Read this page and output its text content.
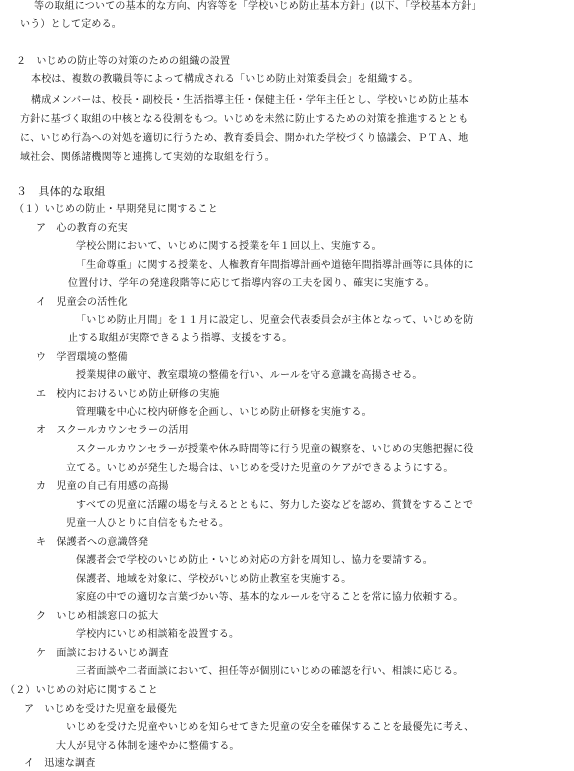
等の取組についての基本的な方向、内容等を「学校いじめ防止基本方針」(以下、「学校基本方針」
いう）として定める。
２　いじめの防止等の対策のための組織の設置
本校は、複数の教職員等によって構成される「いじめ防止対策委員会」を組織する。
構成メンバーは、校長・副校長・生活指導主任・保健主任・学年主任とし、学校いじめ防止基本
方針に基づく取組の中核となる役割をもつ。いじめを未然に防止するための対策を推進するととも
に、いじめ行為への対処を適切に行うため、教育委員会、開かれた学校づくり協議会、ＰＴＡ、地
域社会、関係諸機関等と連携して実効的な取組を行う。
３　具体的な取組
（１）いじめの防止・早期発見に関すること
ア　心の教育の充実
学校公開において、いじめに関する授業を年１回以上、実施する。
「生命尊重」に関する授業を、人権教育年間指導計画や道徳年間指導計画等に具体的に
位置付け、学年の発達段階等に応じて指導内容の工夫を図り、確実に実施する。
イ　児童会の活性化
「いじめ防止月間」を１１月に設定し、児童会代表委員会が主体となって、いじめを防
止する取組が実際できるよう指導、支援をする。
ウ　学習環境の整備
授業規律の厳守、教室環境の整備を行い、ルールを守る意識を高揚させる。
エ　校内におけるいじめ防止研修の実施
管理職を中心に校内研修を企画し、いじめ防止研修を実施する。
オ　スクールカウンセラーの活用
スクールカウンセラーが授業や休み時間等に行う児童の観察を、いじめの実態把握に役
立てる。いじめが発生した場合は、いじめを受けた児童のケアができるようにする。
カ　児童の自己有用感の高揚
すべての児童に活躍の場を与えるとともに、努力した姿などを認め、賞賛をすることで
児童一人ひとりに自信をもたせる。
キ　保護者への意識啓発
保護者会で学校のいじめ防止・いじめ対応の方針を周知し、協力を要請する。
保護者、地域を対象に、学校がいじめ防止教室を実施する。
家庭の中での適切な言葉づかい等、基本的なルールを守ることを常に協力依頼する。
ク　いじめ相談窓口の拡大
学校内にいじめ相談箱を設置する。
ケ　面談におけるいじめ調査
三者面談や二者面談において、担任等が個別にいじめの確認を行い、相談に応じる。
（２）いじめの対応に関すること
ア　いじめを受けた児童を最優先
いじめを受けた児童やいじめを知らせてきた児童の安全を確保することを最優先に考え、
大人が見守る体制を速やかに整備する。
イ　迅速な調査
